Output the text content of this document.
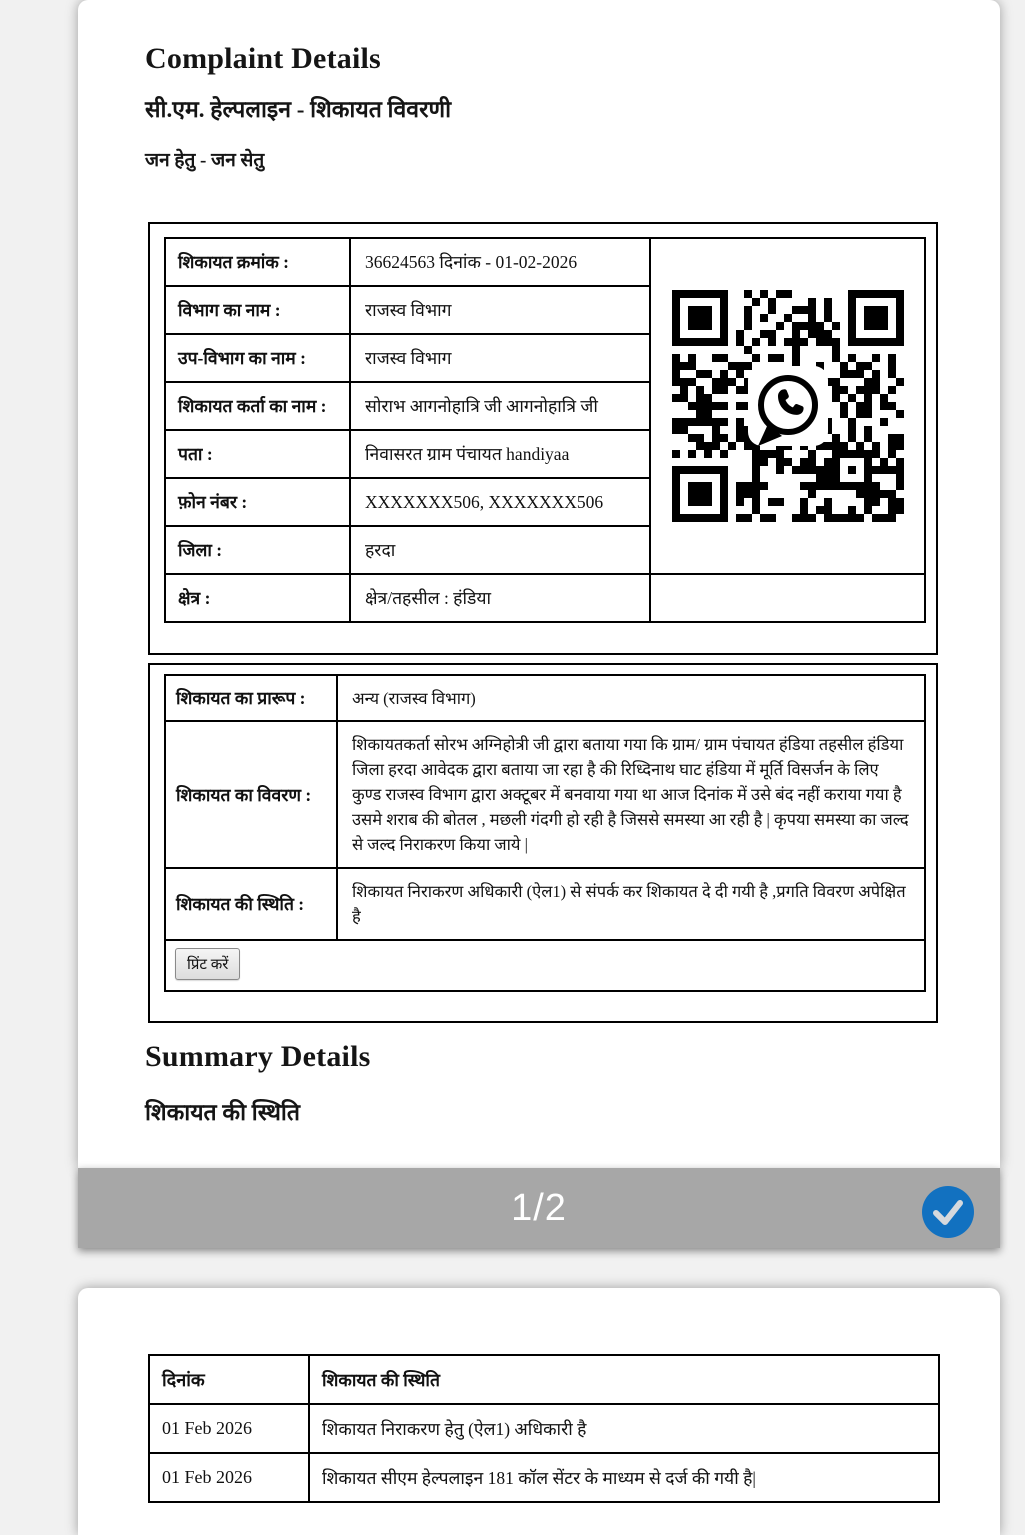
Complaint Details
सी.एम. हेल्पलाइन - शिकायत विवरणी
जन हेतु - जन सेतु
शिकायत क्रमांक :	36624563 दिनांक - 01-02-2026	

विभाग का नाम :	राजस्व विभाग	
उप-विभाग का नाम :	राजस्व विभाग	
शिकायत कर्ता का नाम :	सोराभ आगनोहात्रि जी आगनोहात्रि जी	
पता :	निवासरत ग्राम पंचायत handiyaa	
फ़ोन नंबर :	XXXXXXX506, XXXXXXX506	
जिला :	हरदा	
क्षेत्र :	क्षेत्र/तहसील : हंडिया	
शिकायत का प्रारूप :	अन्य (राजस्व विभाग)
शिकायत का विवरण :	शिकायतकर्ता सोरभ अग्निहोत्री जी द्वारा बताया गया कि ग्राम/ ग्राम पंचायत हंडिया तहसील हंडिया जिला हरदा आवेदक द्वारा बताया जा रहा है की रिध्दिनाथ घाट हंडिया में मूर्ति विसर्जन के लिए कुण्ड राजस्व विभाग द्वारा अक्टूबर में बनवाया गया था आज दिनांक में उसे बंद नहीं कराया गया है उसमे शराब की बोतल , मछली गंदगी हो रही है जिससे समस्या आ रही है | कृपया समस्या का जल्द से जल्द निराकरण किया जाये |
शिकायत की स्थिति :	शिकायत निराकरण अधिकारी (ऐल1) से संपर्क कर शिकायत दे दी गयी है ,प्रगति विवरण अपेक्षित है
प्रिंट करें	
Summary Details
शिकायत की स्थिति
1/2
दिनांक	शिकायत की स्थिति
01 Feb 2026	शिकायत निराकरण हेतु (ऐल1) अधिकारी है
01 Feb 2026	शिकायत सीएम हेल्पलाइन 181 कॉल सेंटर के माध्यम से दर्ज की गयी है|
